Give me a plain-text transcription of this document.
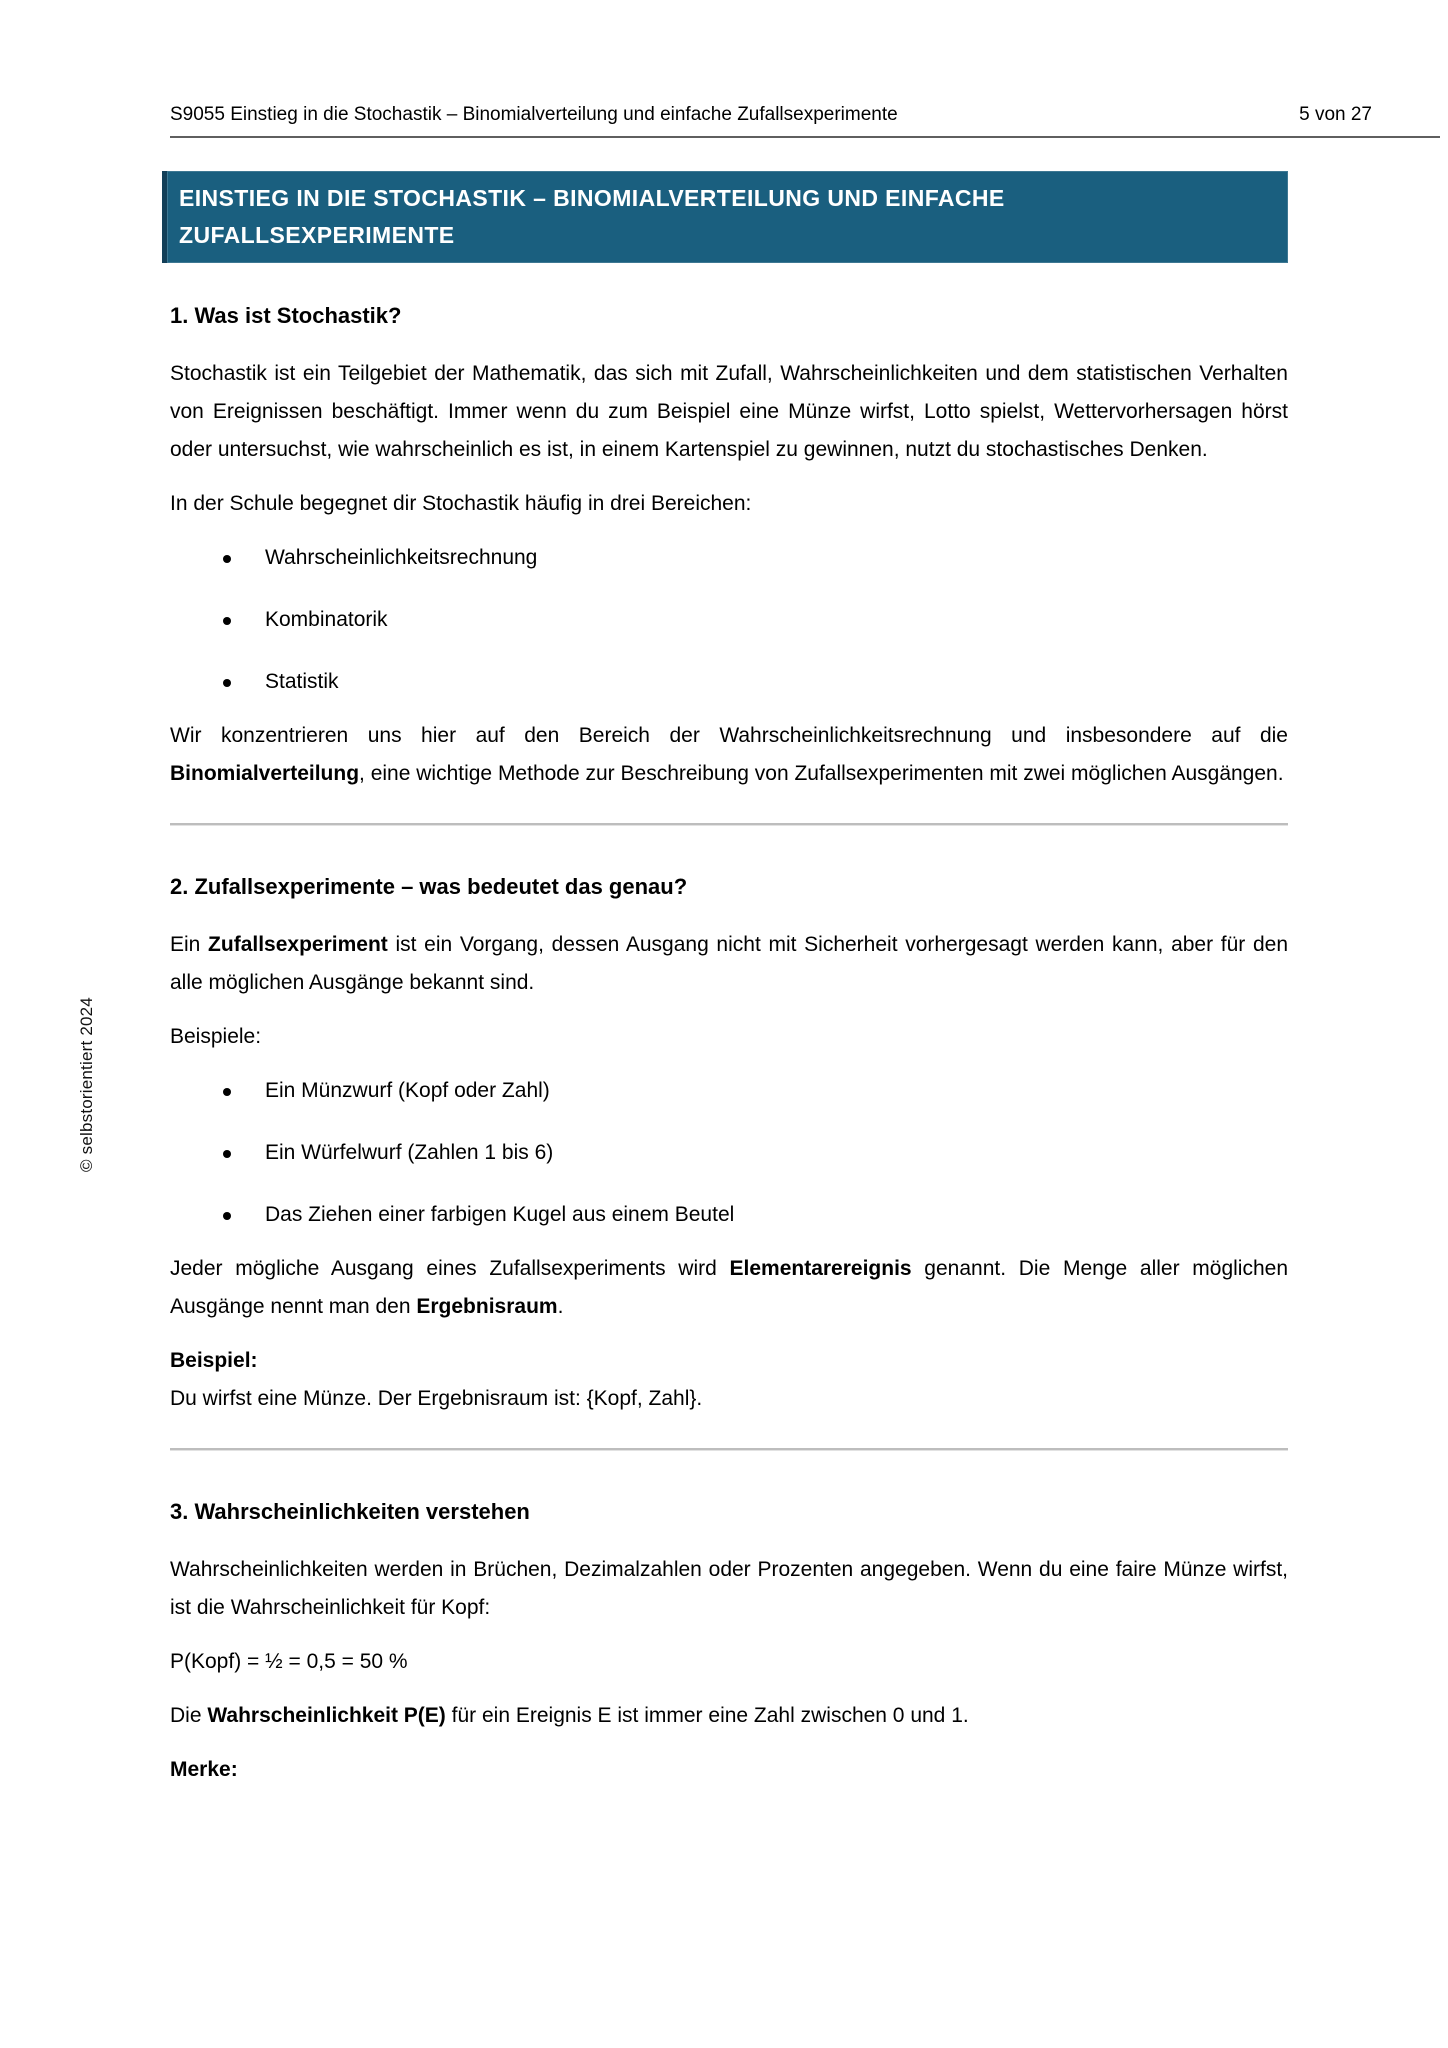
S9055 Einstieg in die Stochastik – Binomialverteilung und einfache Zufallsexperimente	5 von 27
© selbstorientiert 2024
EINSTIEG IN DIE STOCHASTIK – BINOMIALVERTEILUNG UND EINFACHE ZUFALLSEXPERIMENTE
1. Was ist Stochastik?

Stochastik ist ein Teilgebiet der Mathematik, das sich mit Zufall, Wahrscheinlichkeiten und dem statistischen Verhalten von Ereignissen beschäftigt. Immer wenn du zum Beispiel eine Münze wirfst, Lotto spielst, Wettervorhersagen hörst oder untersuchst, wie wahrscheinlich es ist, in einem Kartenspiel zu gewinnen, nutzt du stochastisches Denken.

In der Schule begegnet dir Stochastik häufig in drei Bereichen:

Wahrscheinlichkeitsrechnung
Kombinatorik
Statistik

Wir konzentrieren uns hier auf den Bereich der Wahrscheinlichkeitsrechnung und insbesondere auf die Binomialverteilung, eine wichtige Methode zur Beschreibung von Zufallsexperimenten mit zwei möglichen Ausgängen.

2. Zufallsexperimente – was bedeutet das genau?

Ein Zufallsexperiment ist ein Vorgang, dessen Ausgang nicht mit Sicherheit vorhergesagt werden kann, aber für den alle möglichen Ausgänge bekannt sind.

Beispiele:

Ein Münzwurf (Kopf oder Zahl)
Ein Würfelwurf (Zahlen 1 bis 6)
Das Ziehen einer farbigen Kugel aus einem Beutel

Jeder mögliche Ausgang eines Zufallsexperiments wird Elementarereignis genannt. Die Menge aller möglichen Ausgänge nennt man den Ergebnisraum.

Beispiel:
Du wirfst eine Münze. Der Ergebnisraum ist: {Kopf, Zahl}.
3. Wahrscheinlichkeiten verstehen

Wahrscheinlichkeiten werden in Brüchen, Dezimalzahlen oder Prozenten angegeben. Wenn du eine faire Münze wirfst, ist die Wahrscheinlichkeit für Kopf:

P(Kopf) = ½ = 0,5 = 50 %

Die Wahrscheinlichkeit P(E) für ein Ereignis E ist immer eine Zahl zwischen 0 und 1.

Merke:
